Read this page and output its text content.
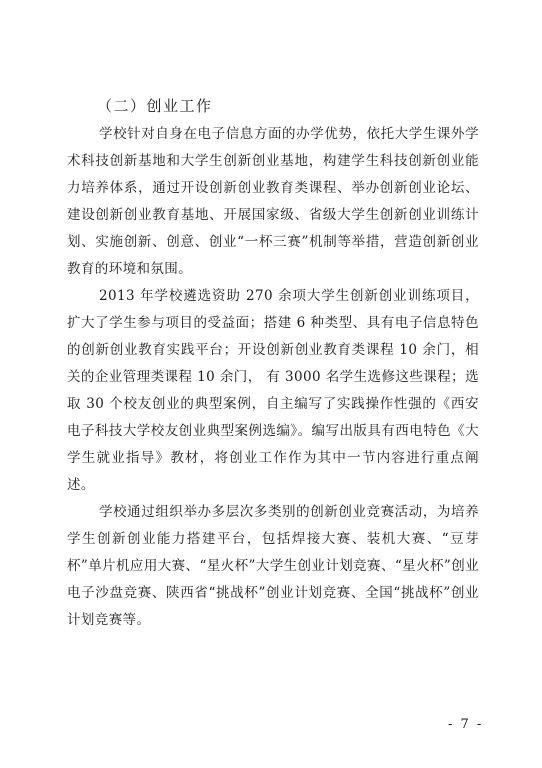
（二）创业工作

学校针对自身在电子信息方面的办学优势，依托大学生课外学术科技创新基地和大学生创新创业基地，构建学生科技创新创业能力培养体系，通过开设创新创业教育类课程、举办创新创业论坛、建设创新创业教育基地、开展国家级、省级大学生创新创业训练计划、实施创新、创意、创业“一杯三赛”机制等举措，营造创新创业教育的环境和氛围。

2013 年学校遴选资助 270 余项大学生创新创业训练项目，扩大了学生参与项目的受益面；搭建 6 种类型、具有电子信息特色的创新创业教育实践平台；开设创新创业教育类课程 10 余门，相关的企业管理类课程 10 余门， 有 3000 名学生选修这些课程；选取 30 个校友创业的典型案例，自主编写了实践操作性强的《西安电子科技大学校友创业典型案例选编》。编写出版具有西电特色《大学生就业指导》教材，将创业工作作为其中一节内容进行重点阐述。

学校通过组织举办多层次多类别的创新创业竞赛活动，为培养学生创新创业能力搭建平台，包括焊接大赛、装机大赛、“豆芽杯”单片机应用大赛、“星火杯”大学生创业计划竞赛、“星火杯”创业电子沙盘竞赛、陕西省“挑战杯”创业计划竞赛、全国“挑战杯”创业计划竞赛等。

- 7 -
